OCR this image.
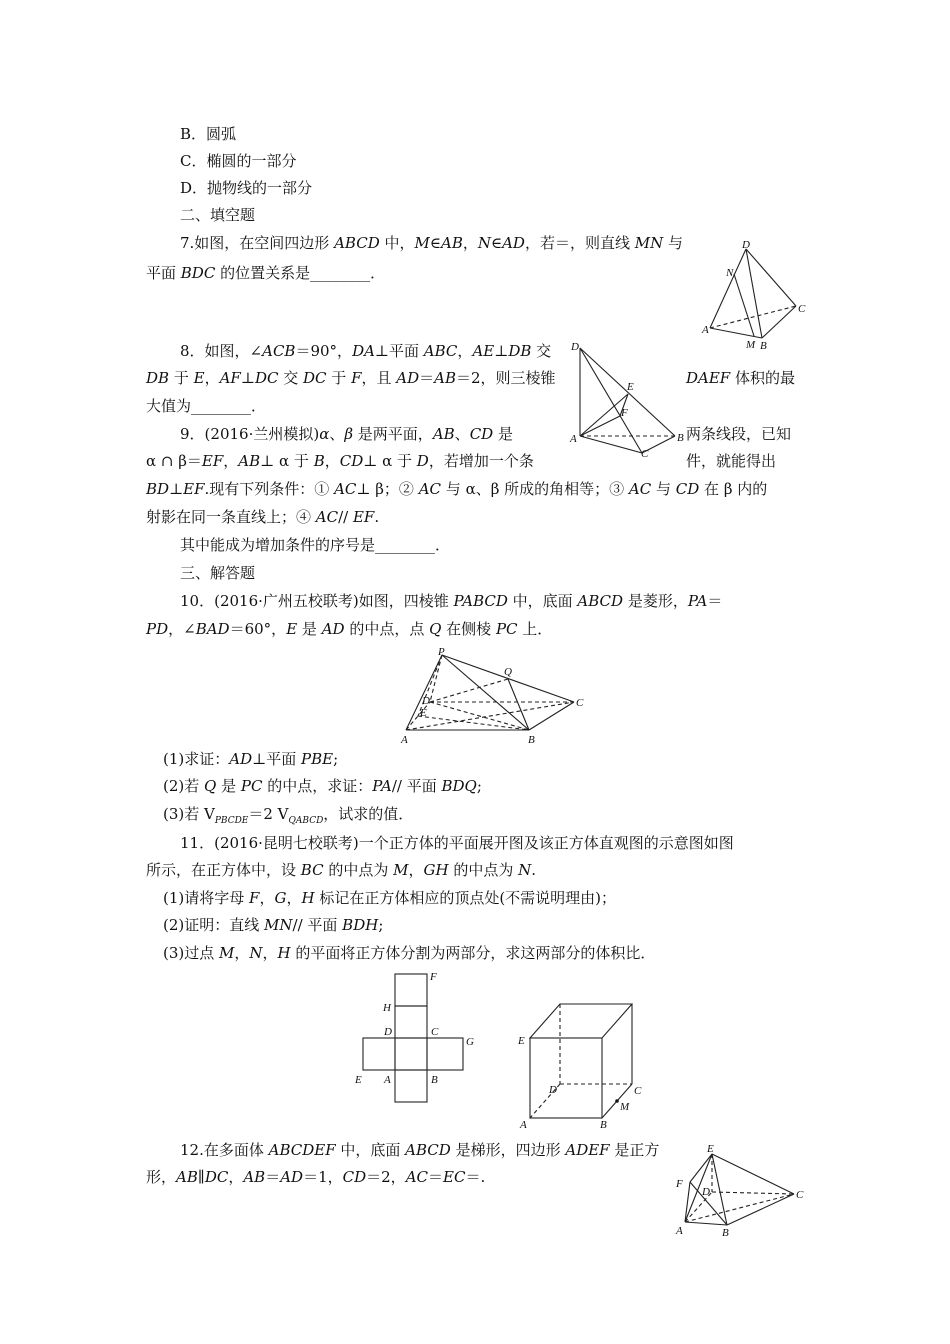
B．圆弧
C．椭圆的一部分
D．抛物线的一部分
二、填空题
7.如图，在空间四边形 ABCD 中，M∈AB，N∈AD，若＝，则直线 MN 与
平面 BDC 的位置关系是________．
D
N
C
A
M B
8．如图，∠ACB＝90°，DA⊥平面 ABC，AE⊥DB 交
DB 于 E，AF⊥DC 交 DC 于 F，且 AD＝AB＝2，则三棱锥	DAEF 体积的最
大值为________．
D
E
F
A	B
C
9．(2016·兰州模拟)α、β 是两平面，AB、CD 是	两条线段，已知
α ∩ β＝EF，AB⊥ α 于 B，CD⊥ α 于 D，若增加一个条	件，就能得出
BD⊥EF.现有下列条件：① AC⊥ β；② AC 与 α、β 所成的角相等；③ AC 与 CD 在 β 内的
射影在同一条直线上；④ AC// EF.
其中能成为增加条件的序号是________．
三、解答题
10．(2016·广州五校联考)如图，四棱锥 PABCD 中，底面 ABCD 是菱形，PA＝
PD，∠BAD＝60°，E 是 AD 的中点，点 Q 在侧棱 PC 上．
P
Q
D
E
C
A	B
(1)求证：AD⊥平面 PBE;
(2)若 Q 是 PC 的中点，求证：PA// 平面 BDQ;
(3)若 $V_{PBCDE}=2$ $V_{QABCD}$，试求的值．
11．(2016·昆明七校联考)一个正方体的平面展开图及该正方体直观图的示意图如图
所示，在正方体中，设 BC 的中点为 M，GH 的中点为 N.
(1)请将字母 F，G，H 标记在正方体相应的顶点处(不需说明理由)；
(2)证明：直线 MN// 平面 BDH;
(3)过点 M，N，H 的平面将正方体分割为两部分，求这两部分的体积比．
F
H
D	C
G
E A	B
E
D	C
M
A	B
12.在多面体 ABCDEF 中，底面 ABCD 是梯形，四边形 ADEF 是正方
形，AB∥DC，AB＝AD＝1，CD＝2，AC＝EC＝.
E
F
D	C
A	B
